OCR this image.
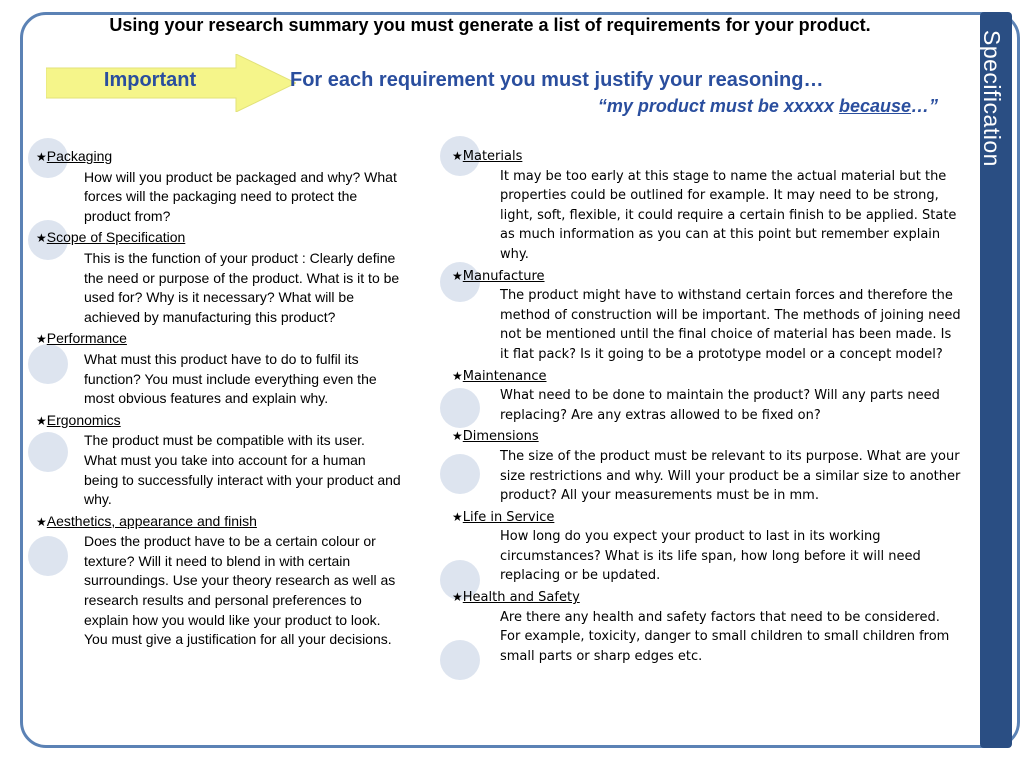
Specification
Using your research summary you must generate a list of requirements for your product.
Important	For each requirement you must justify your reasoning…
“my product must be xxxxx because…”
★Packaging
How will you product be packaged and why? What forces will the packaging need to protect the product from?
★Scope of Specification
This is the function of your product : Clearly define the need or purpose of the product. What is it to be used for? Why is it necessary? What will be achieved by manufacturing this product?
★Performance
What must this product have to do to fulfil its function? You must include everything even the most obvious features and explain why.
★Ergonomics
The product must be compatible with its user. What must you take into account for a human being to successfully interact with your product and why.
★Aesthetics, appearance and finish
Does the product have to be a certain colour or texture? Will it need to blend in with certain surroundings. Use your theory research as well as research results and personal preferences to explain how you would like your product to look. You must give a justification for all your decisions.
★Materials
It may be too early at this stage to name the actual material but the properties could be outlined for example. It may need to be strong, light, soft, flexible, it could require a certain finish to be applied. State as much information as you can at this point but remember explain why.
★Manufacture
The product might have to withstand certain forces and therefore the method of construction will be important. The methods of joining need not be mentioned until the final choice of material has been made. Is it flat pack? Is it going to be a prototype model or a concept model?
★Maintenance
What need to be done to maintain the product? Will any parts need replacing? Are any extras allowed to be fixed on?
★Dimensions
The size of the product must be relevant to its purpose. What are your size restrictions and why. Will your product be a similar size to another product? All your measurements must be in mm.
★Life in Service
How long do you expect your product to last in its working circumstances? What is its life span, how long before it will need replacing or be updated.
★Health and Safety
Are there any health and safety factors that need to be considered. For example, toxicity, danger to small children to small children from small parts or sharp edges etc.
